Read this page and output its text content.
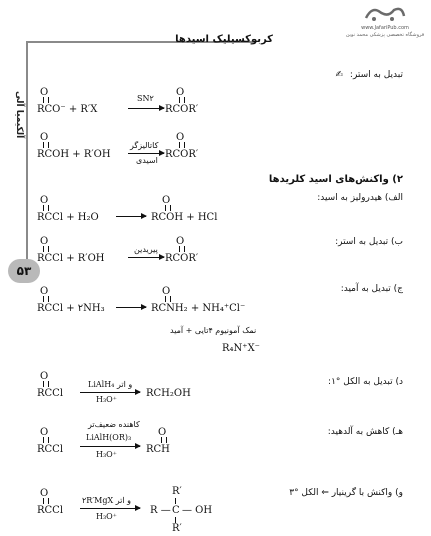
آلکیمیا آلی
۵۳
کربوکسیلیک اسیدها
www.JafariPub.com
فروشگاه تخصصی پزشکی محمد نوین
تبدیل به استر: ✍
۲) واکنش‌های اسید کلریدها
الف) هیدرولیز به اسید:
ب) تبدیل به استر:
ج) تبدیل به آمید:
د) تبدیل به الکل °۱:
هـ) کاهش به آلدهید:
و) واکنش با گرینیار ⇐ الکل °۳
O
RCO⁻ + R′X
SN۲
O
RCOR′
O
RCOH + R′OH
کاتالیزگر
اسیدی
O
RCOR′
O
RCCl + H₂O →
O
RCOH + HCl
O
RCCl + R′OH
پیریدین
O
RCOR′
O
RCCl + ۲NH₃ →
O
RCNH₂ + NH₄⁺Cl⁻
نمک آمونیوم ۴تایی + آمید
R₄N⁺X⁻
O
RCCl
LiAlH₄ و اتر
H₃O⁺
RCH₂OH
O
RCCl
کاهنده ضعیف‌تر
LiAlH(OR)₃
H₃O⁺
O
RCH
O
RCCl
۲R′MgX و اتر
H₃O⁺
R —
R′
C
R′
— OH
